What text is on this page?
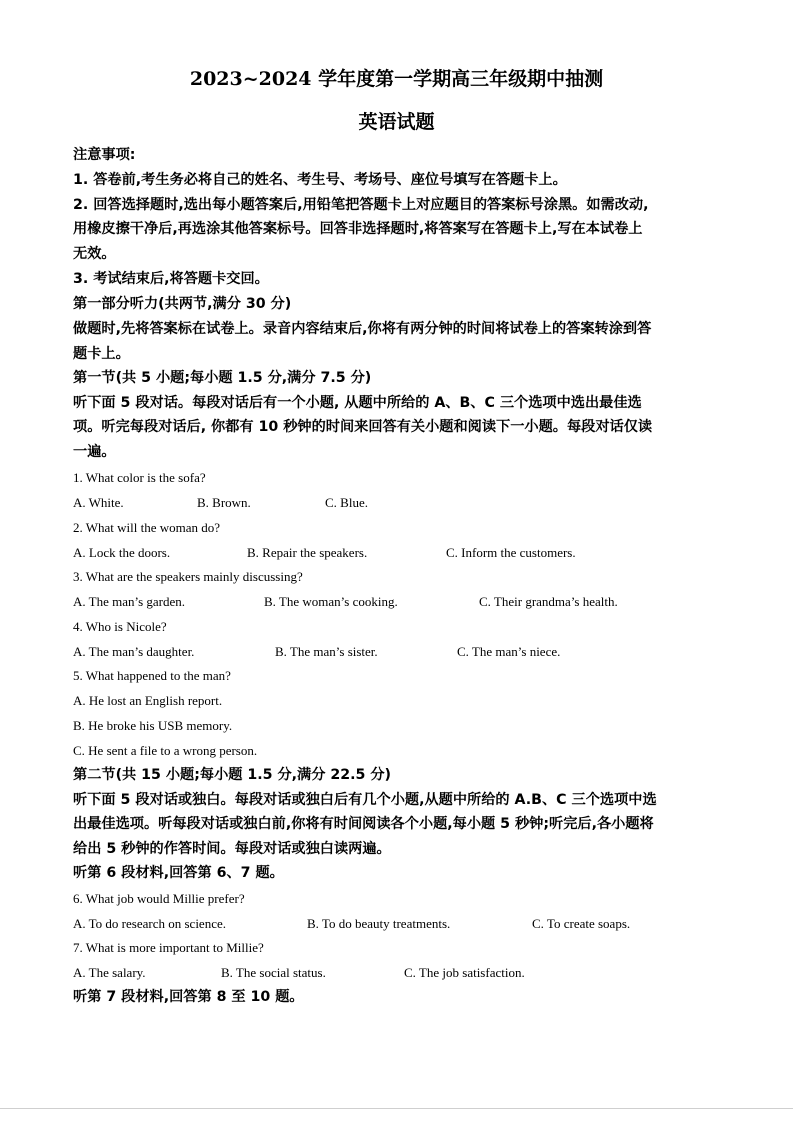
2023~2024 学年度第一学期高三年级期中抽测
英语试题
注意事项:
1. 答卷前,考生务必将自己的姓名、考生号、考场号、座位号填写在答题卡上。
2. 回答选择题时,选出每小题答案后,用铅笔把答题卡上对应题目的答案标号涂黑。如需改动,
用橡皮擦干净后,再选涂其他答案标号。回答非选择题时,将答案写在答题卡上,写在本试卷上
无效。
3. 考试结束后,将答题卡交回。
第一部分听力(共两节,满分 30 分)
做题时,先将答案标在试卷上。录音内容结束后,你将有两分钟的时间将试卷上的答案转涂到答
题卡上。
第一节(共 5 小题;每小题 1.5 分,满分 7.5 分)
听下面 5 段对话。每段对话后有一个小题, 从题中所给的 A、B、C 三个选项中选出最佳选
项。听完每段对话后, 你都有 10 秒钟的时间来回答有关小题和阅读下一小题。每段对话仅读
一遍。
1. What color is the sofa?
A. White.	B. Brown.	C. Blue.
2. What will the woman do?
A. Lock the doors.	B. Repair the speakers.	C. Inform the customers.
3. What are the speakers mainly discussing?
A. The man’s garden.	B. The woman’s cooking.	C. Their grandma’s health.
4. Who is Nicole?
A. The man’s daughter.	B. The man’s sister.	C. The man’s niece.
5. What happened to the man?
A. He lost an English report.
B. He broke his USB memory.
C. He sent a file to a wrong person.
第二节(共 15 小题;每小题 1.5 分,满分 22.5 分)
听下面 5 段对话或独白。每段对话或独白后有几个小题,从题中所给的 A.B、C 三个选项中选
出最佳选项。听每段对话或独白前,你将有时间阅读各个小题,每小题 5 秒钟;听完后,各小题将
给出 5 秒钟的作答时间。每段对话或独白读两遍。
听第 6 段材料,回答第 6、7 题。
6. What job would Millie prefer?
A. To do research on science.	B. To do beauty treatments.	C. To create soaps.
7. What is more important to Millie?
A. The salary.	B. The social status.	C. The job satisfaction.
听第 7 段材料,回答第 8 至 10 题。
